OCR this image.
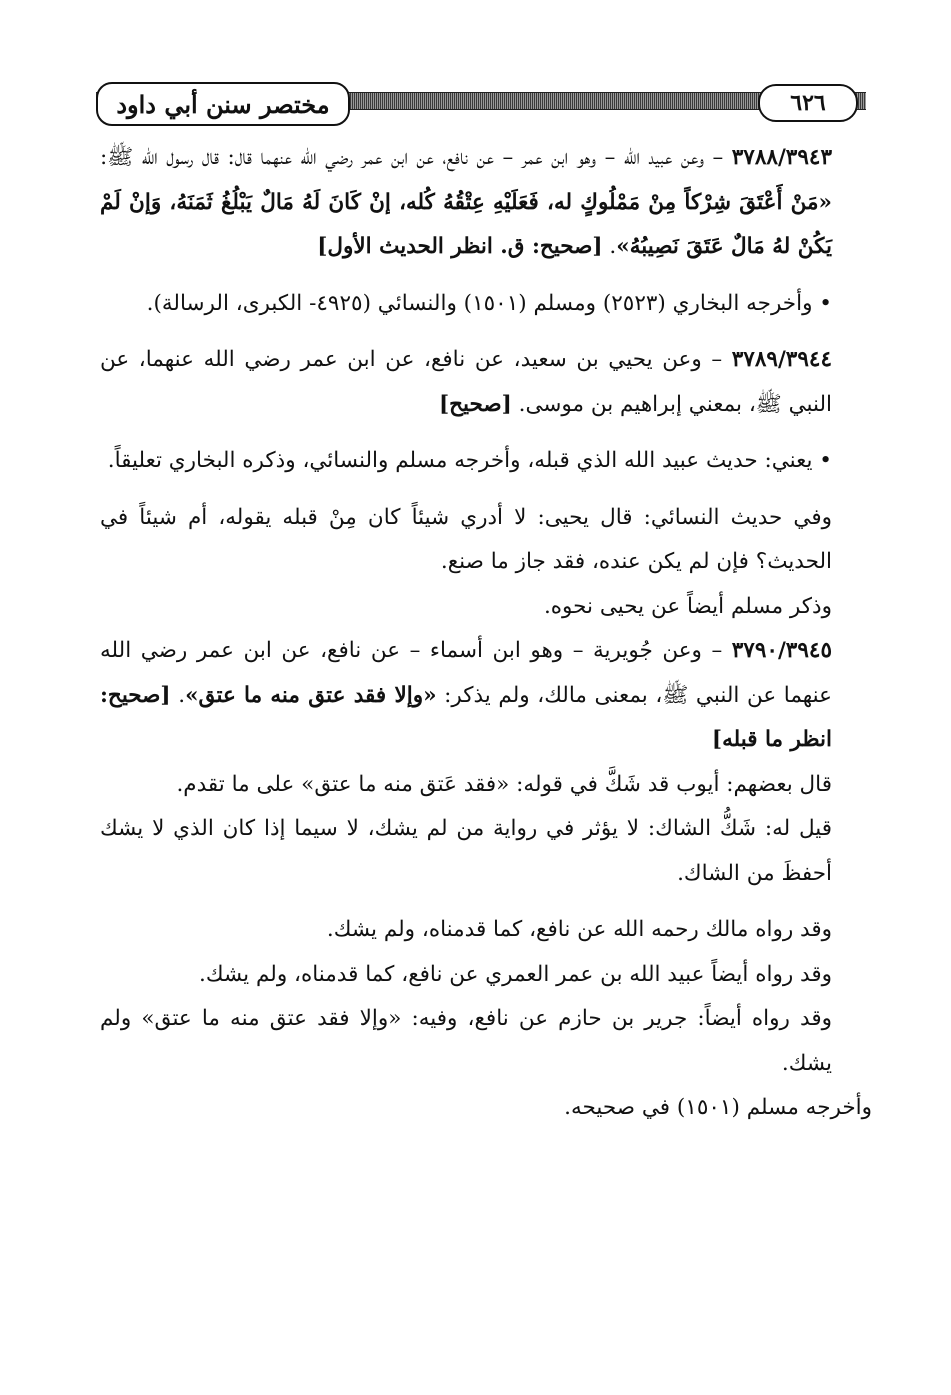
مختصر سنن أبي داود	٦٢٦

٣٧٨٨/٣٩٤٣ – وعن عبيد الله – وهو ابن عمر – عن نافع، عن ابن عمر رضي الله عنهما قال: قال رسول الله ﷺ: «مَنْ أَعْتَقَ شِرْكاً مِنْ مَمْلُوكٍ له، فَعَلَيْهِ عِتْقُهُ كُله، إنْ كَانَ لَهُ مَالٌ يَبْلُغُ ثَمَنَهُ، وَإنْ لَمْ يَكُنْ لهُ مَالٌ عَتَقَ نَصِيبُهُ». [صحيح: ق. انظر الحديث الأول]

• وأخرجه البخاري (٢٥٢٣) ومسلم (١٥٠١) والنسائي (٤٩٢٥- الكبرى، الرسالة).

٣٧٨٩/٣٩٤٤ – وعن يحيي بن سعيد، عن نافع، عن ابن عمر رضي الله عنهما، عن النبي ﷺ، بمعني إبراهيم بن موسى. [صحيح]

• يعني: حديث عبيد الله الذي قبله، وأخرجه مسلم والنسائي، وذكره البخاري تعليقاً.

وفي حديث النسائي: قال يحيى: لا أدري شيئاً كان مِنْ قبله يقوله، أم شيئاً في الحديث؟ فإن لم يكن عنده، فقد جاز ما صنع.

وذكر مسلم أيضاً عن يحيى نحوه.

٣٧٩٠/٣٩٤٥ – وعن جُويرية – وهو ابن أسماء – عن نافع، عن ابن عمر رضي الله عنهما عن النبي ﷺ، بمعنى مالك، ولم يذكر: «وإلا فقد عتق منه ما عتق». [صحيح: انظر ما قبله]

قال بعضهم: أيوب قد شَكَّ في قوله: «فقد عَتق منه ما عتق» على ما تقدم.

قيل له: شَكُّ الشاك: لا يؤثر في رواية من لم يشك، لا سيما إذا كان الذي لا يشك أحفظَ من الشاك.

وقد رواه مالك رحمه الله عن نافع، كما قدمناه، ولم يشك.

وقد رواه أيضاً عبيد الله بن عمر العمري عن نافع، كما قدمناه، ولم يشك.

وقد رواه أيضاً: جرير بن حازم عن نافع، وفيه: «وإلا فقد عتق منه ما عتق» ولم يشك.

وأخرجه مسلم (١٥٠١) في صحيحه.
